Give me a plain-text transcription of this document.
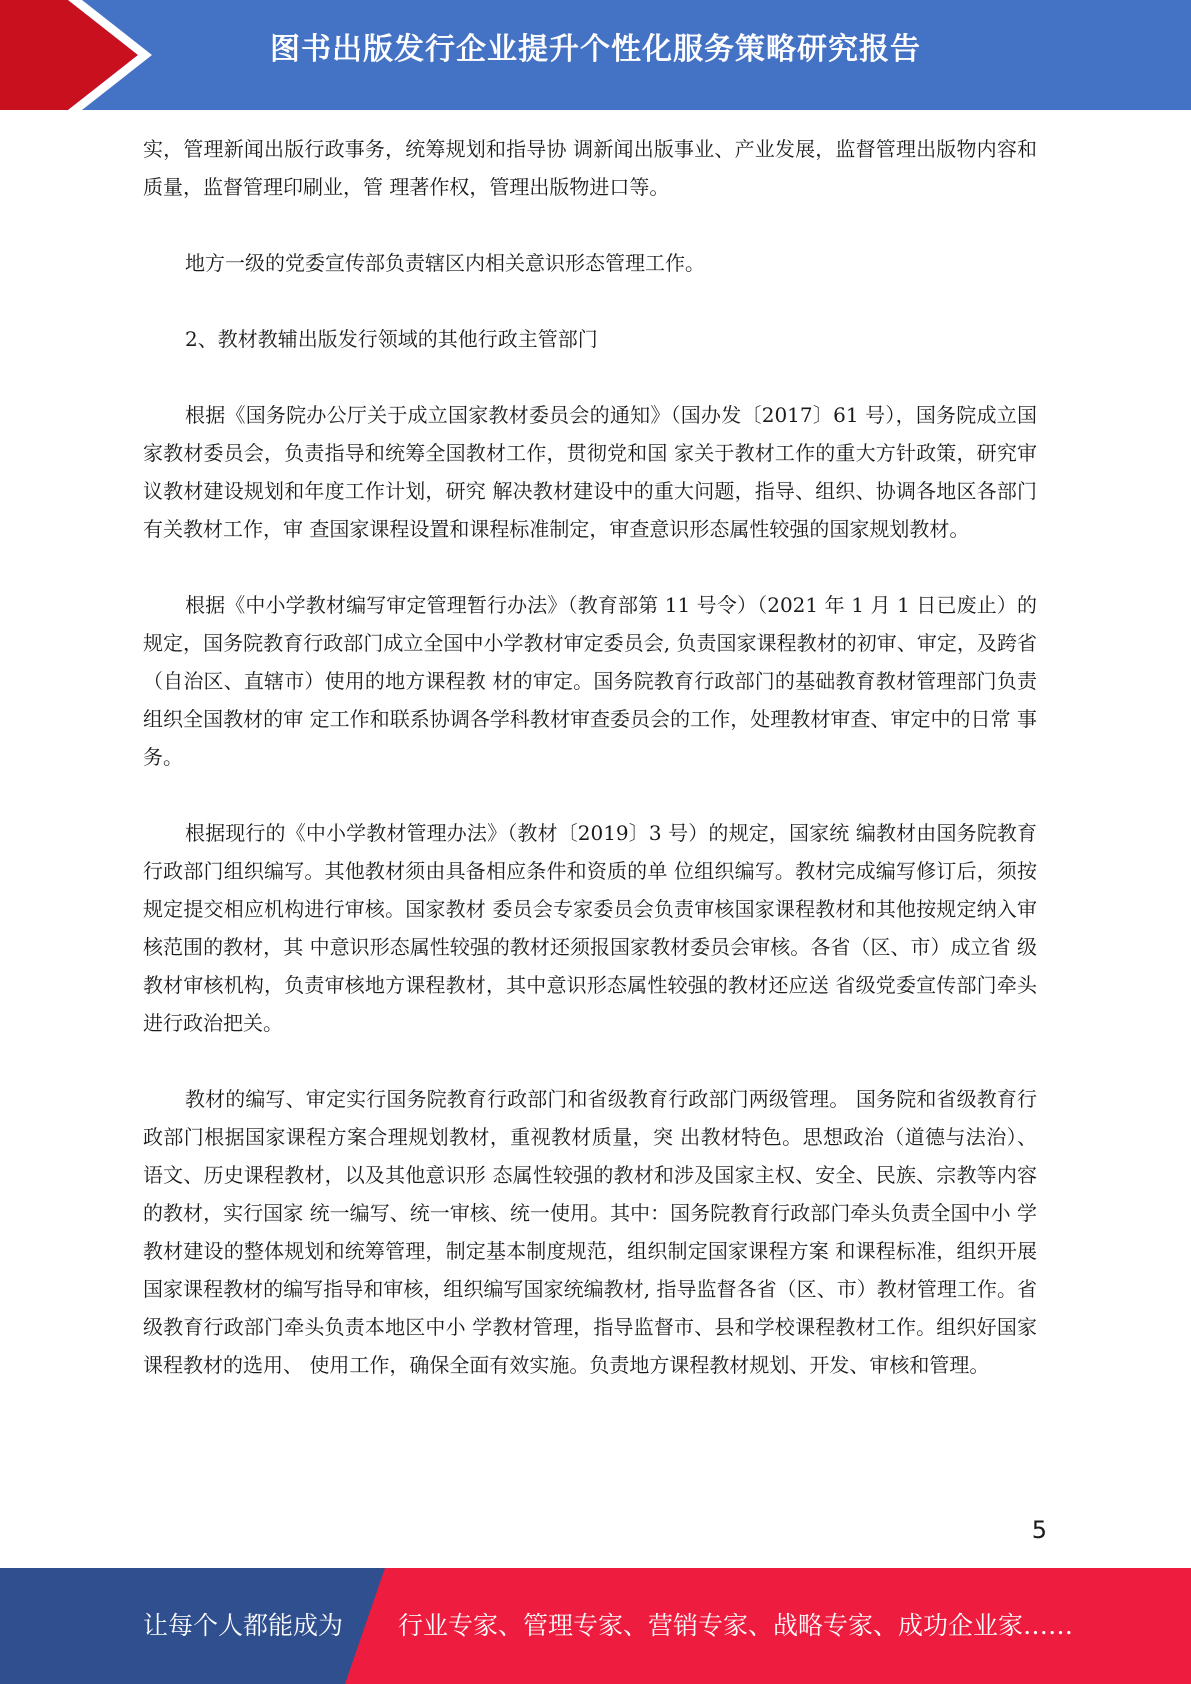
图书出版发行企业提升个性化服务策略研究报告

实，管理新闻出版行政事务，统筹规划和指导协 调新闻出版事业、产业发展，监督管理出版物内容和质量，监督管理印刷业，管 理著作权，管理出版物进口等。

地方一级的党委宣传部负责辖区内相关意识形态管理工作。

2、教材教辅出版发行领域的其他行政主管部门

根据《国务院办公厅关于成立国家教材委员会的通知》（国办发〔2017〕61 号），国务院成立国家教材委员会，负责指导和统筹全国教材工作，贯彻党和国 家关于教材工作的重大方针政策，研究审议教材建设规划和年度工作计划，研究 解决教材建设中的重大问题，指导、组织、协调各地区各部门有关教材工作，审 查国家课程设置和课程标准制定，审查意识形态属性较强的国家规划教材。

根据《中小学教材编写审定管理暂行办法》（教育部第 11 号令）（2021 年 1 月 1 日已废止）的规定，国务院教育行政部门成立全国中小学教材审定委员会, 负责国家课程教材的初审、审定，及跨省（自治区、直辖市）使用的地方课程教 材的审定。国务院教育行政部门的基础教育教材管理部门负责组织全国教材的审 定工作和联系协调各学科教材审查委员会的工作，处理教材审查、审定中的日常 事务。

根据现行的《中小学教材管理办法》（教材〔2019〕3 号）的规定，国家统 编教材由国务院教育行政部门组织编写。其他教材须由具备相应条件和资质的单 位组织编写。教材完成编写修订后，须按规定提交相应机构进行审核。国家教材 委员会专家委员会负责审核国家课程教材和其他按规定纳入审核范围的教材，其 中意识形态属性较强的教材还须报国家教材委员会审核。各省（区、市）成立省 级教材审核机构，负责审核地方课程教材，其中意识形态属性较强的教材还应送 省级党委宣传部门牵头进行政治把关。

教材的编写、审定实行国务院教育行政部门和省级教育行政部门两级管理。 国务院和省级教育行政部门根据国家课程方案合理规划教材，重视教材质量，突 出教材特色。思想政治（道德与法治）、语文、历史课程教材，以及其他意识形 态属性较强的教材和涉及国家主权、安全、民族、宗教等内容的教材，实行国家 统一编写、统一审核、统一使用。其中：国务院教育行政部门牵头负责全国中小 学教材建设的整体规划和统筹管理，制定基本制度规范，组织制定国家课程方案 和课程标准，组织开展国家课程教材的编写指导和审核，组织编写国家统编教材, 指导监督各省（区、市）教材管理工作。省级教育行政部门牵头负责本地区中小 学教材管理，指导监督市、县和学校课程教材工作。组织好国家课程教材的选用、 使用工作，确保全面有效实施。负责地方课程教材规划、开发、审核和管理。

5
让每个人都能成为 行业专家、管理专家、营销专家、战略专家、成功企业家……
